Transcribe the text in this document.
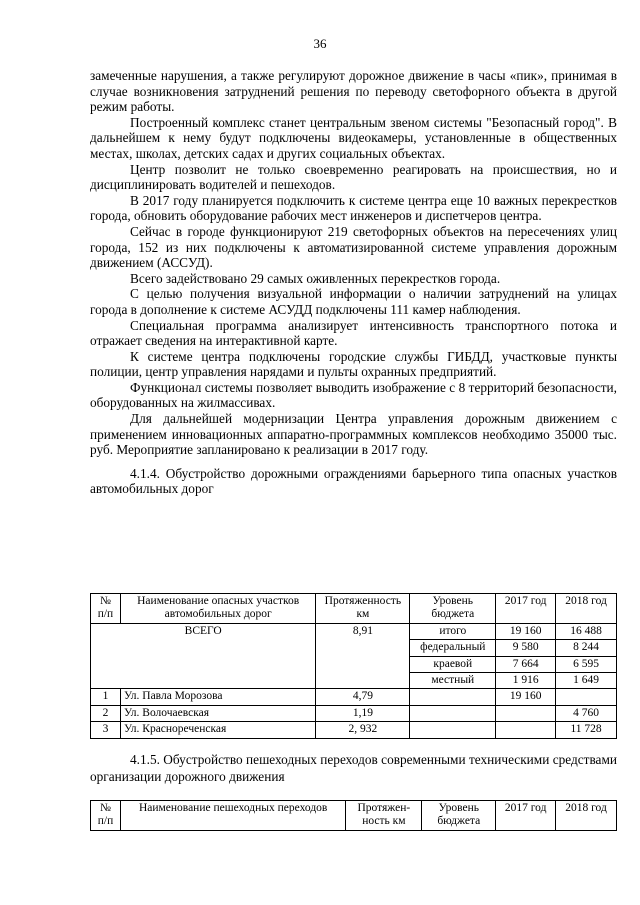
36

замеченные нарушения, а также регулируют дорожное движение в часы «пик», принимая в случае возникновения затруднений решения по переводу светофорного объекта в другой режим работы.

Построенный комплекс станет центральным звеном системы "Безопасный город". В дальнейшем к нему будут подключены видеокамеры, установленные в общественных местах, школах, детских садах и других социальных объектах.

Центр позволит не только своевременно реагировать на происшествия, но и дисциплинировать водителей и пешеходов.

В 2017 году планируется подключить к системе центра еще 10 важных перекрестков города, обновить оборудование рабочих мест инженеров и диспетчеров центра.

Сейчас в городе функционируют 219 светофорных объектов на пересечениях улиц города, 152 из них подключены к автоматизированной системе управления дорожным движением (АССУД).

Всего задействовано 29 самых оживленных перекрестков города.

С целью получения визуальной информации о наличии затруднений на улицах города в дополнение к системе АСУДД подключены 111 камер наблюдения.

Специальная программа анализирует интенсивность транспортного потока и отражает сведения на интерактивной карте.

К системе центра подключены городские службы ГИБДД, участковые пункты полиции, центр управления нарядами и пульты охранных предприятий.

Функционал системы позволяет выводить изображение с 8 территорий безопасности, оборудованных на жилмассивах.

Для дальнейшей модернизации Центра управления дорожным движением с применением инновационных аппаратно-программных комплексов необходимо 35000 тыс. руб. Мероприятие запланировано к реализации в 2017 году.

4.1.4. Обустройство дорожными ограждениями барьерного типа опасных участков автомобильных дорог

№ п/п	Наименование опасных участков автомобильных дорог	Протяженность км	Уровень бюджета	2017 год	2018 год
ВСЕГО		8,91	итого	19 160	16 488
			федеральный	9 580	8 244
			краевой	7 664	6 595
			местный	1 916	1 649
1	Ул. Павла Морозова	4,79		19 160	
2	Ул. Волочаевская	1,19			4 760
3	Ул. Краснореченская	2, 932			11 728

4.1.5. Обустройство пешеходных переходов современными техническими средствами организации дорожного движения

№ п/п	Наименование пешеходных переходов	Протяжен-ность км	Уровень бюджета	2017 год	2018 год
